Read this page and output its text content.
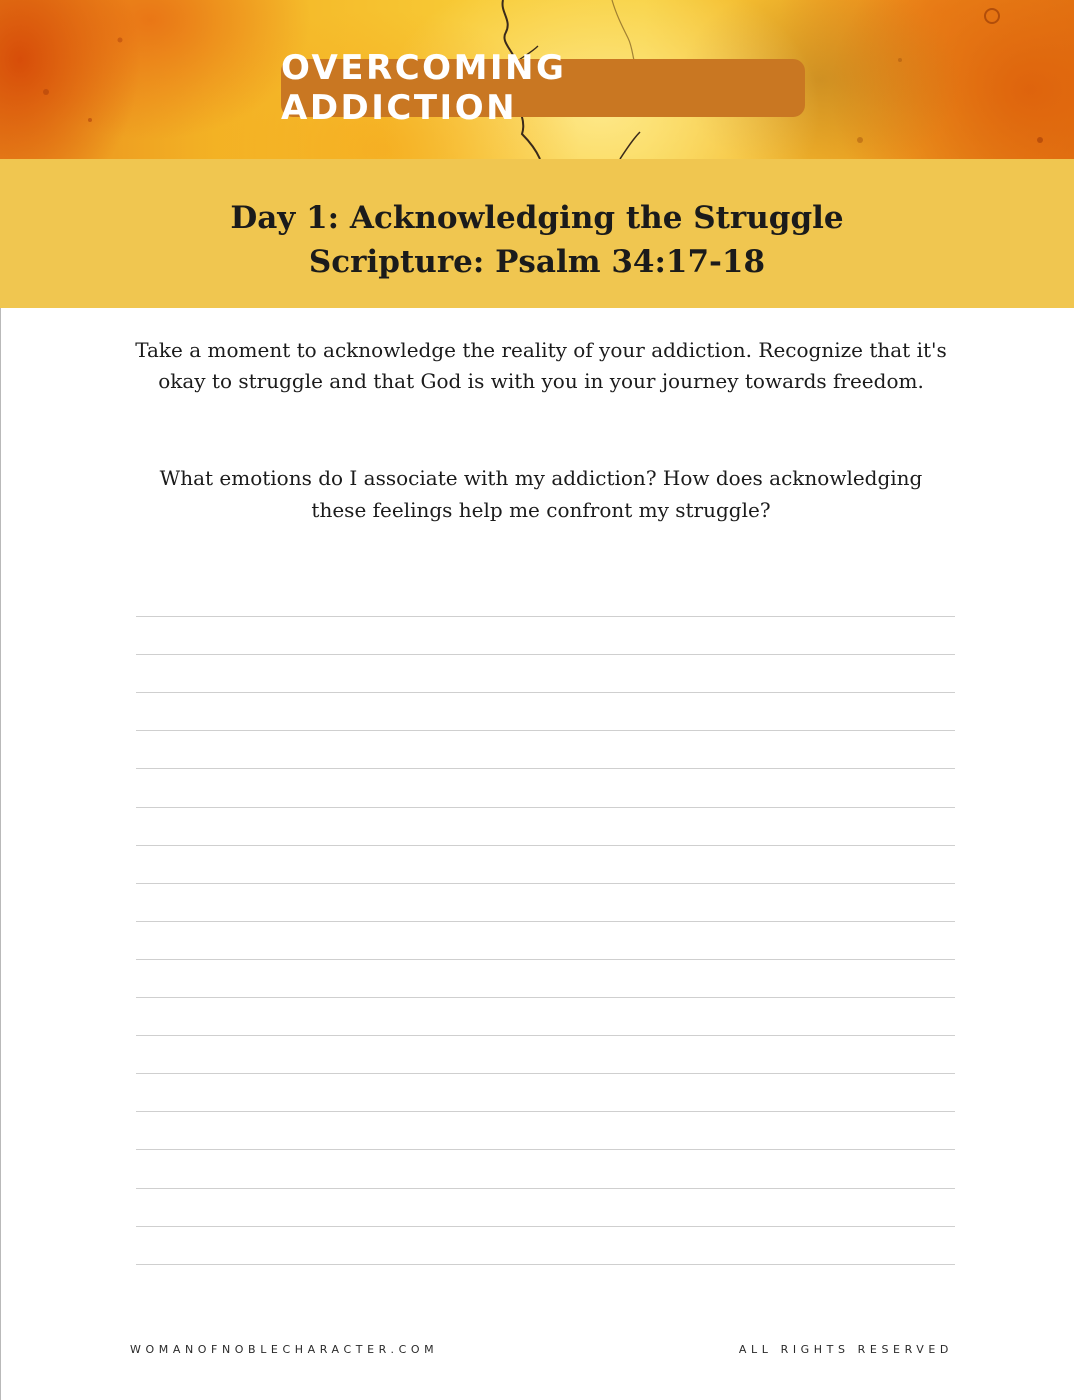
OVERCOMING ADDICTION
Day 1: Acknowledging the Struggle
Scripture: Psalm 34:17-18

Take a moment to acknowledge the reality of your addiction. Recognize that it's okay to struggle and that God is with you in your journey towards freedom.

What emotions do I associate with my addiction? How does acknowledging these feelings help me confront my struggle?

WOMANOFNOBLECHARACTER.COM	ALL RIGHTS RESERVED
